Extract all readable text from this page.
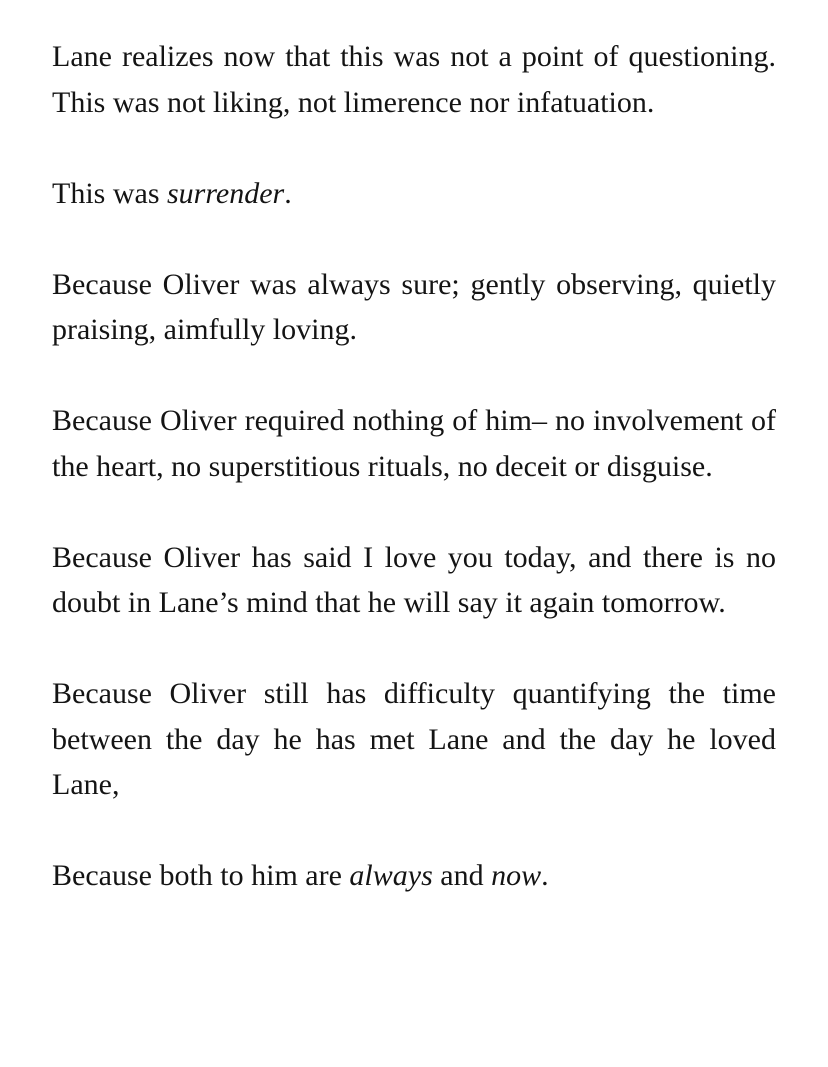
Lane realizes now that this was not a point of questioning. This was not liking, not limerence nor infatuation.

This was surrender.

Because Oliver was always sure; gently observing, quietly praising, aimfully loving.

Because Oliver required nothing of him– no involvement of the heart, no superstitious rituals, no deceit or disguise.

Because Oliver has said I love you today, and there is no doubt in Lane’s mind that he will say it again tomorrow.

Because Oliver still has difficulty quantifying the time between the day he has met Lane and the day he loved Lane,

Because both to him are always and now.
